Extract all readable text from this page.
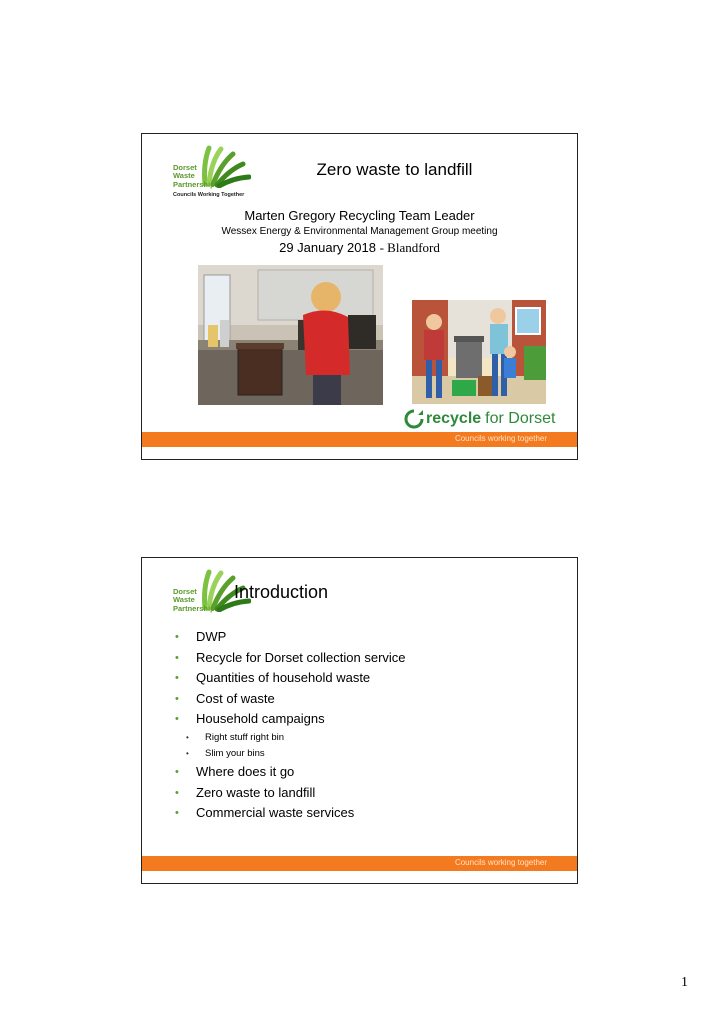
Dorset
Waste
Partnership
Councils Working Together
Zero waste to landfill
Marten Gregory Recycling Team Leader
Wessex Energy & Environmental Management Group meeting
29 January 2018 - Blandford
recycle for Dorset
Councils working together
Dorset
Waste
Partnership
Introduction
• DWP
• Recycle for Dorset collection service
• Quantities of household waste
• Cost of waste
• Household campaigns
• Right stuff right bin
• Slim your bins
• Where does it go
• Zero waste to landfill
• Commercial waste services
Councils working together
1
